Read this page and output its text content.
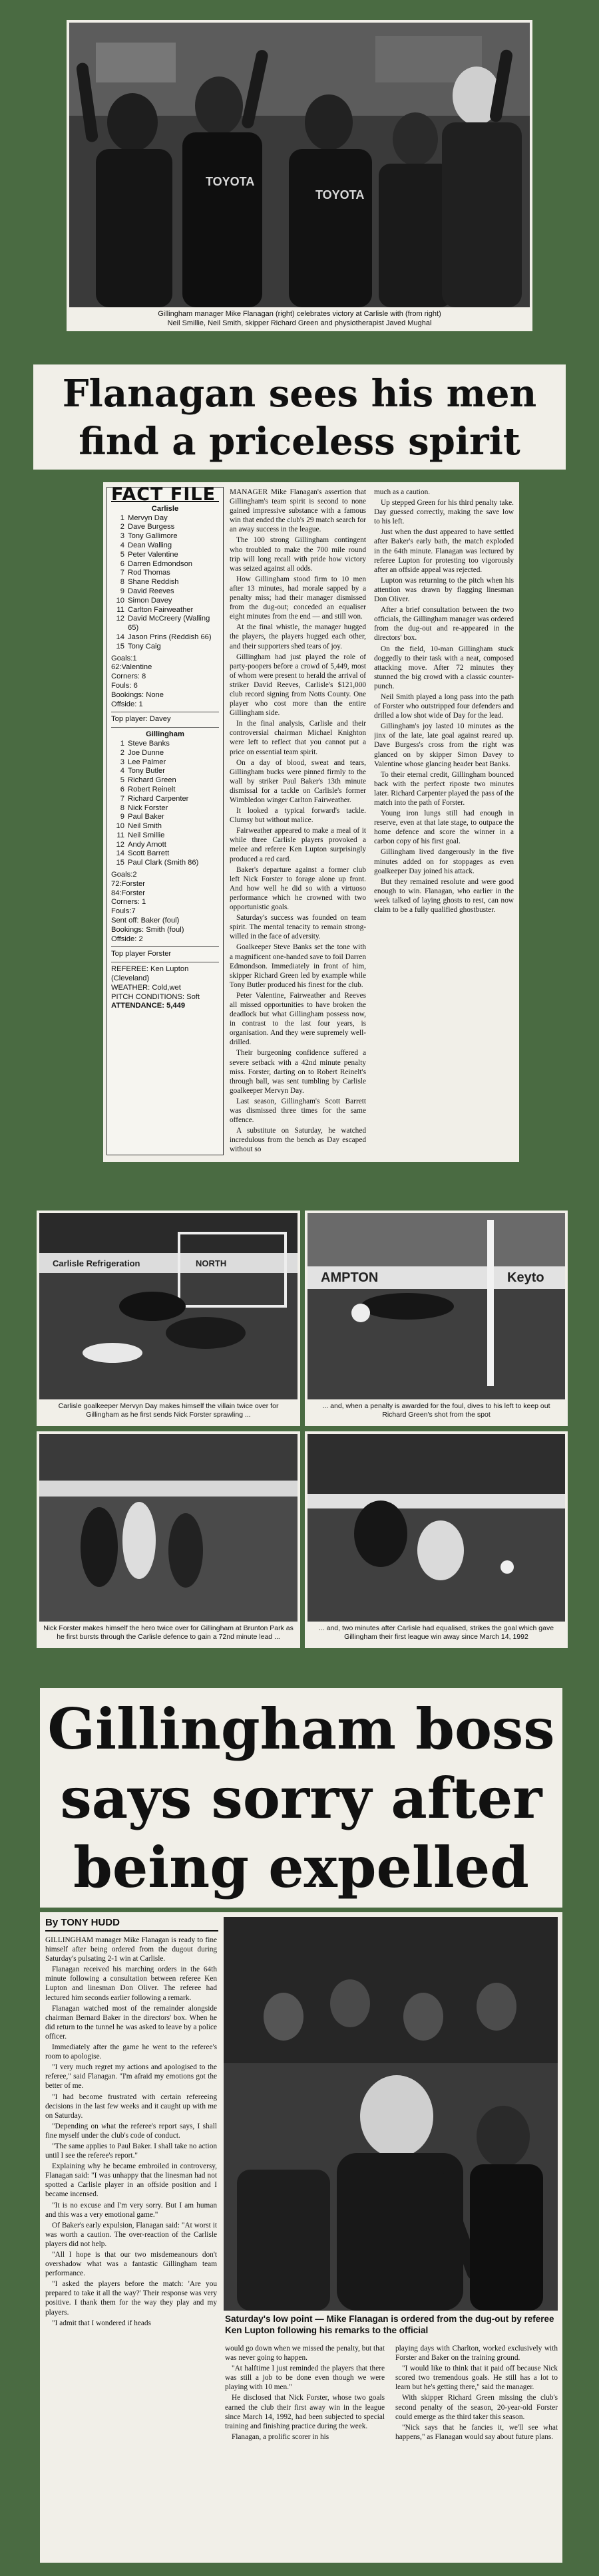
TOYOTA
TOYOTA
Gillingham manager Mike Flanagan (right) celebrates victory at Carlisle with (from right)
Neil Smillie, Neil Smith, skipper Richard Green and physiotherapist Javed Mughal
Flanagan sees his men
find a priceless spirit
FACT FILE
Carlisle
1 Mervyn Day
2 Dave Burgess
3 Tony Gallimore
4 Dean Walling
5 Peter Valentine
6 Darren Edmondson
7 Rod Thomas
8 Shane Reddish
9 David Reeves
10 Simon Davey
11 Carlton Fairweather
12 David McCreery (Walling 65)
14 Jason Prins (Reddish 66)
15 Tony Caig
Goals:1
62:Valentine
Corners: 8
Fouls: 6
Bookings: None
Offside: 1
Top player: Davey
Gillingham
1 Steve Banks
2 Joe Dunne
3 Lee Palmer
4 Tony Butler
5 Richard Green
6 Robert Reinelt
7 Richard Carpenter
8 Nick Forster
9 Paul Baker
10 Neil Smith
11 Neil Smillie
12 Andy Arnott
14 Scott Barrett
15 Paul Clark (Smith 86)
Goals:2
72:Forster
84:Forster
Corners: 1
Fouls:7
Sent off: Baker (foul)
Bookings: Smith (foul)
Offside: 2
Top player Forster
REFEREE: Ken Lupton (Cleveland)
WEATHER: Cold,wet
PITCH CONDITIONS: Soft
ATTENDANCE: 5,449

MANAGER Mike Flanagan's assertion that Gillingham's team spirit is second to none gained impressive substance with a famous win that ended the club's 29 match search for an away success in the league.

The 100 strong Gillingham contingent who troubled to make the 700 mile round trip will long recall with pride how victory was seized against all odds.

How Gillingham stood firm to 10 men after 13 minutes, had morale sapped by a penalty miss; had their manager dismissed from the dug-out; conceded an equaliser eight minutes from the end — and still won.

At the final whistle, the manager hugged the players, the players hugged each other, and their supporters shed tears of joy.

Gillingham had just played the role of party-poopers before a crowd of 5,449, most of whom were present to herald the arrival of striker David Reeves, Carlisle's $121,000 club record signing from Notts County. One player who cost more than the entire Gillingham side.

In the final analysis, Carlisle and their controversial chairman Michael Knighton were left to reflect that you cannot put a price on essential team spirit.

On a day of blood, sweat and tears, Gillingham bucks were pinned firmly to the wall by striker Paul Baker's 13th minute dismissal for a tackle on Carlisle's former Wimbledon winger Carlton Fairweather.

It looked a typical forward's tackle. Clumsy but without malice.

Fairweather appeared to make a meal of it while three Carlisle players provoked a melee and referee Ken Lupton surprisingly produced a red card.

Baker's departure against a former club left Nick Forster to forage alone up front. And how well he did so with a virtuoso performance which he crowned with two opportunistic goals.

Saturday's success was founded on team spirit. The mental tenacity to remain strong-willed in the face of adversity.

Goalkeeper Steve Banks set the tone with a magnificent one-handed save to foil Darren Edmondson. Immediately in front of him, skipper Richard Green led by example while Tony Butler produced his finest for the club.

Peter Valentine, Fairweather and Reeves all missed opportunities to have broken the deadlock but what Gillingham possess now, in contrast to the last four years, is organisation. And they were supremely well-drilled.

Their burgeoning confidence suffered a severe setback with a 42nd minute penalty miss. Forster, darting on to Robert Reinelt's through ball, was sent tumbling by Carlisle goalkeeper Mervyn Day.

Last season, Gillingham's Scott Barrett was dismissed three times for the same offence.

A substitute on Saturday, he watched incredulous from the bench as Day escaped without so

much as a caution.

Up stepped Green for his third penalty take. Day guessed correctly, making the save low to his left.

Just when the dust appeared to have settled after Baker's early bath, the match exploded in the 64th minute. Flanagan was lectured by referee Lupton for protesting too vigorously after an offside appeal was rejected.

Lupton was returning to the pitch when his attention was drawn by flagging linesman Don Oliver.

After a brief consultation between the two officials, the Gillingham manager was ordered from the dug-out and re-appeared in the directors' box.

On the field, 10-man Gillingham stuck doggedly to their task with a neat, composed attacking move. After 72 minutes they stunned the big crowd with a classic counter-punch.

Neil Smith played a long pass into the path of Forster who outstripped four defenders and drilled a low shot wide of Day for the lead.

Gillingham's joy lasted 10 minutes as the jinx of the late, late goal against reared up. Dave Burgess's cross from the right was glanced on by skipper Simon Davey to Valentine whose glancing header beat Banks.

To their eternal credit, Gillingham bounced back with the perfect riposte two minutes later. Richard Carpenter played the pass of the match into the path of Forster.

Young iron lungs still had enough in reserve, even at that late stage, to outpace the home defence and score the winner in a carbon copy of his first goal.

Gillingham lived dangerously in the five minutes added on for stoppages as even goalkeeper Day joined his attack.

But they remained resolute and were good enough to win. Flanagan, who earlier in the week talked of laying ghosts to rest, can now claim to be a fully qualified ghostbuster.

Carlisle Refrigeration	NORTH
Carlisle goalkeeper Mervyn Day makes himself the villain twice over for Gillingham as he first sends Nick Forster sprawling ...
AMPTON	Keyto
... and, when a penalty is awarded for the foul, dives to his left to keep out Richard Green's shot from the spot
Nick Forster makes himself the hero twice over for Gillingham at Brunton Park as he first bursts through the Carlisle defence to gain a 72nd minute lead ...
... and, two minutes after Carlisle had equalised, strikes the goal which gave Gillingham their first league win away since March 14, 1992
Gillingham boss
says sorry after
being expelled
By TONY HUDD

GILLINGHAM manager Mike Flanagan is ready to fine himself after being ordered from the dugout during Saturday's pulsating 2-1 win at Carlisle.

Flanagan received his marching orders in the 64th minute following a consultation between referee Ken Lupton and linesman Don Oliver. The referee had lectured him seconds earlier following a remark.

Flanagan watched most of the remainder alongside chairman Bernard Baker in the directors' box. When he did return to the tunnel he was asked to leave by a police officer.

Immediately after the game he went to the referee's room to apologise.

"I very much regret my actions and apologised to the referee," said Flanagan. "I'm afraid my emotions got the better of me.

"I had become frustrated with certain refereeing decisions in the last few weeks and it caught up with me on Saturday.

"Depending on what the referee's report says, I shall fine myself under the club's code of conduct.

"The same applies to Paul Baker. I shall take no action until I see the referee's report."

Explaining why he became embroiled in controversy, Flanagan said: "I was unhappy that the linesman had not spotted a Carlisle player in an offside position and I became incensed.

"It is no excuse and I'm very sorry. But I am human and this was a very emotional game."

Of Baker's early expulsion, Flanagan said: "At worst it was worth a caution. The over-reaction of the Carlisle players did not help.

"All I hope is that our two misdemeanours don't overshadow what was a fantastic Gillingham team performance.

"I asked the players before the match: 'Are you prepared to take it all the way?' Their response was very positive. I thank them for the way they play and my players.

"I admit that I wondered if heads	Saturday's low point — Mike Flanagan is ordered from the dug-out by referee Ken Lupton following his remarks to the official

would go down when we missed the penalty, but that was never going to happen.

"At halftime I just reminded the players that there was still a job to be done even though we were playing with 10 men."

He disclosed that Nick Forster, whose two goals earned the club their first away win in the league since March 14, 1992, had been subjected to special training and finishing practice during the week.

Flanagan, a prolific scorer in his

playing days with Charlton, worked exclusively with Forster and Baker on the training ground.

"I would like to think that it paid off because Nick scored two tremendous goals. He still has a lot to learn but he's getting there," said the manager.

With skipper Richard Green missing the club's second penalty of the season, 20-year-old Forster could emerge as the third taker this season.

"Nick says that he fancies it, we'll see what happens," as Flanagan would say about future plans.
